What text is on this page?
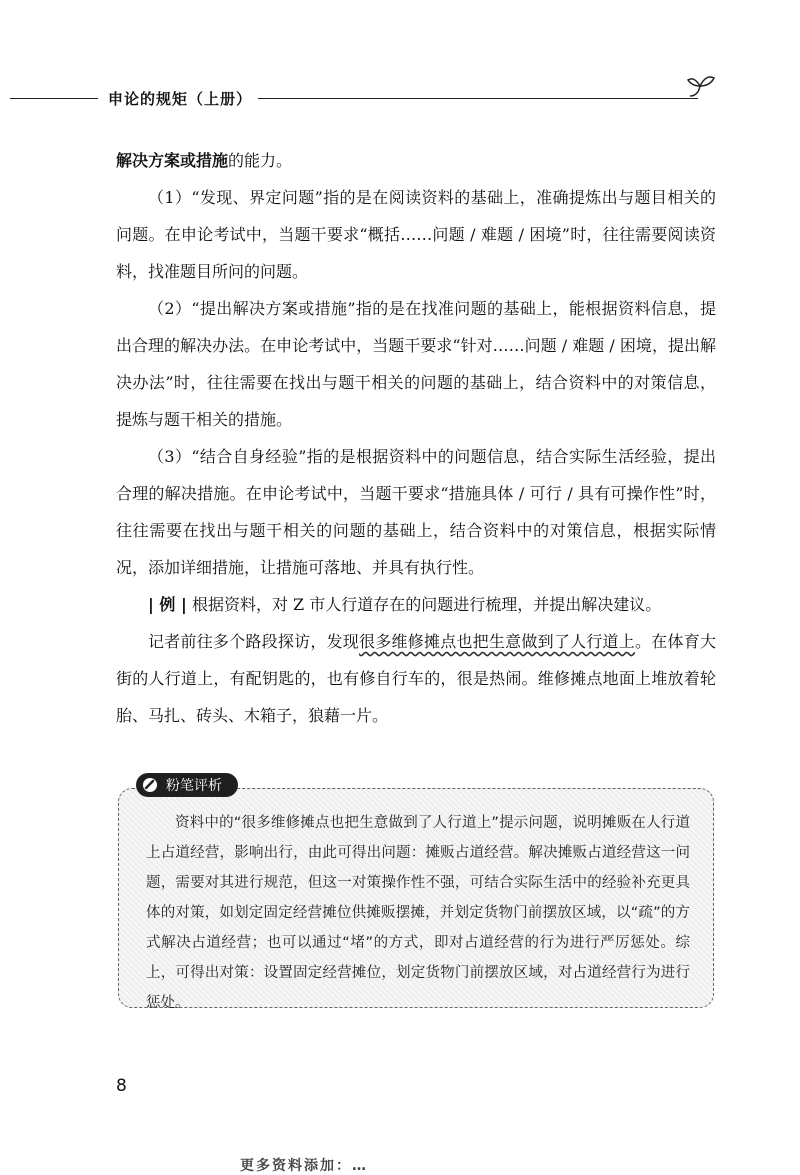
申论的规矩（上册）

解决方案或措施的能力。

（1）“发现、界定问题”指的是在阅读资料的基础上，准确提炼出与题目相关的问题。在申论考试中，当题干要求“概括……问题 / 难题 / 困境”时，往往需要阅读资料，找准题目所问的问题。

（2）“提出解决方案或措施”指的是在找准问题的基础上，能根据资料信息，提出合理的解决办法。在申论考试中，当题干要求“针对……问题 / 难题 / 困境，提出解决办法”时，往往需要在找出与题干相关的问题的基础上，结合资料中的对策信息，提炼与题干相关的措施。

（3）“结合自身经验”指的是根据资料中的问题信息，结合实际生活经验，提出合理的解决措施。在申论考试中，当题干要求“措施具体 / 可行 / 具有可操作性”时，往往需要在找出与题干相关的问题的基础上，结合资料中的对策信息，根据实际情况，添加详细措施，让措施可落地、并具有执行性。

| 例 | 根据资料，对 Z 市人行道存在的问题进行梳理，并提出解决建议。

记者前往多个路段探访，发现很多维修摊点也把生意做到了人行道上。在体育大街的人行道上，有配钥匙的，也有修自行车的，很是热闹。维修摊点地面上堆放着轮胎、马扎、砖头、木箱子，狼藉一片。

粉笔评析
资料中的“很多维修摊点也把生意做到了人行道上”提示问题，说明摊贩在人行道上占道经营，影响出行，由此可得出问题：摊贩占道经营。解决摊贩占道经营这一问题，需要对其进行规范，但这一对策操作性不强，可结合实际生活中的经验补充更具体的对策，如划定固定经营摊位供摊贩摆摊，并划定货物门前摆放区域，以“疏”的方式解决占道经营；也可以通过“堵”的方式，即对占道经营的行为进行严厉惩处。综上，可得出对策：设置固定经营摊位，划定货物门前摆放区域，对占道经营行为进行惩处。
8
更多资料添加：…
